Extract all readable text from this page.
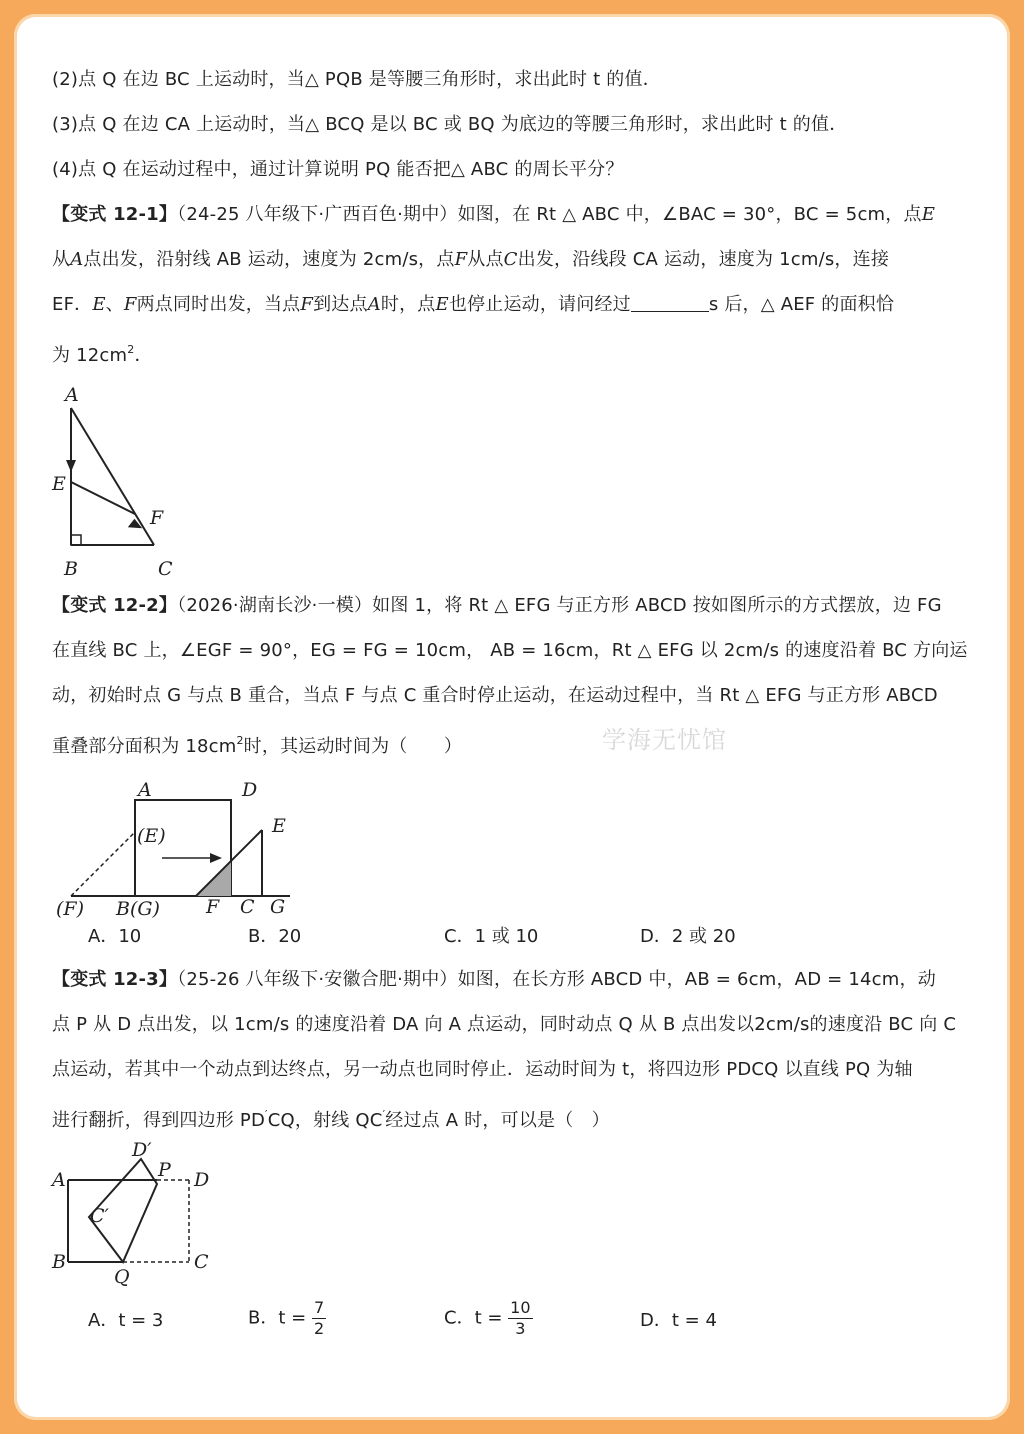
(2)点 Q 在边 BC 上运动时，当△ PQB 是等腰三角形时，求出此时 t 的值．
(3)点 Q 在边 CA 上运动时，当△ BCQ 是以 BC 或 BQ 为底边的等腰三角形时，求出此时 t 的值．
(4)点 Q 在运动过程中，通过计算说明 PQ 能否把△ ABC 的周长平分？
【变式 12-1】（24-25 八年级下·广西百色·期中）如图，在 Rt △ ABC 中，∠BAC = 30°，BC = 5cm，点E
从A点出发，沿射线 AB 运动，速度为 2cm/s，点F从点C出发，沿线段 CA 运动，速度为 1cm/s，连接
EF．E、F两点同时出发，当点F到达点A时，点E也停止运动，请问经过	s 后，△ AEF 的面积恰
为 $12cm^2$．
A
E
F
B	C
【变式 12-2】（2026·湖南长沙·一模）如图 1，将 Rt △ EFG 与正方形 ABCD 按如图所示的方式摆放，边 FG
在直线 BC 上，∠EGF = 90°，EG = FG = 10cm， AB = 16cm，Rt △ EFG 以 2cm/s 的速度沿着 BC 方向运
动，初始时点 G 与点 B 重合，当点 F 与点 C 重合时停止运动，在运动过程中，当 Rt △ EFG 与正方形 ABCD
重叠部分面积为 $18cm^2$时，其运动时间为（　　）	学海无忧馆
A	D
(E)	E
(F) B(G) F C G
A．10	B．20	C．1 或 10	D．2 或 20
【变式 12-3】（25-26 八年级下·安徽合肥·期中）如图，在长方形 ABCD 中，AB = 6cm，AD = 14cm，动
点 P 从 D 点出发，以 1cm/s 的速度沿着 DA 向 A 点运动，同时动点 Q 从 B 点出发以2cm/s的速度沿 BC 向 C
点运动，若其中一个动点到达终点，另一动点也同时停止．运动时间为 t，将四边形 PDCQ 以直线 PQ 为轴
进行翻折，得到四边形 PD′CQ，射线 QC′经过点 A 时，可以是（　）
D′
P
A	D
C′
B
Q
C
A．t = 3	B．$t = \frac{7}{2}$	C．$t = \frac{10}{3}$	D．t = 4
